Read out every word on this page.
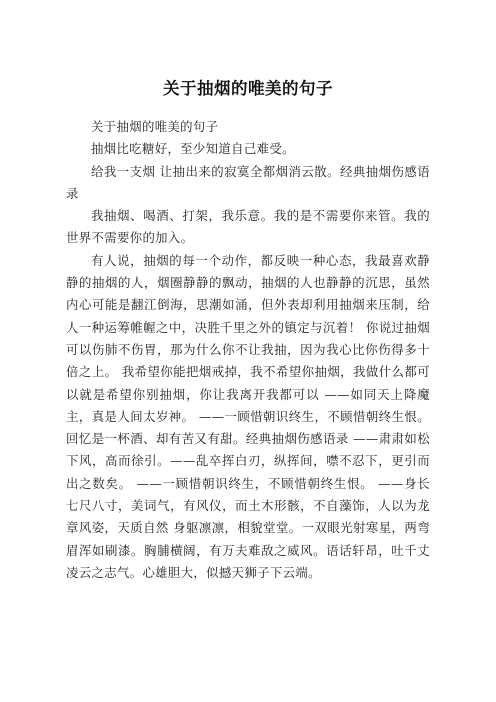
关于抽烟的唯美的句子

关于抽烟的唯美的句子

抽烟比吃糖好，至少知道自己难受。

给我一支烟 让抽出来的寂寞全都烟消云散。经典抽烟伤感语录

我抽烟、喝酒、打架，我乐意。我的是不需要你来管。我的世界不需要你的加入。

有人说，抽烟的每一个动作，都反映一种心态，我最喜欢静静的抽烟的人，烟圈静静的飘动，抽烟的人也静静的沉思，虽然内心可能是翻江倒海，思潮如涌，但外表却利用抽烟来压制，给人一种运筹帷幄之中，决胜千里之外的镇定与沉着！ 你说过抽烟可以伤肺不伤胃，那为什么你不让我抽，因为我心比你伤得多十倍之上。 我希望你能把烟戒掉，我不希望你抽烟，我做什么都可以就是希望你别抽烟，你让我离开我都可以 ——如同天上降魔主，真是人间太岁神。 ——一顾惜朝识终生，不顾惜朝终生恨。 回忆是一杯酒、却有苦又有甜。经典抽烟伤感语录 ——肃肃如松下风，高而徐引。——乱卒挥白刃，纵挥间，噤不忍下，更引而出之数矣。 ——一顾惜朝识终生，不顾惜朝终生恨。 ——身长七尺八寸，美词气，有风仪，而土木形骸，不自藻饰，人以为龙章风姿，天质自然 身躯凛凛，相貌堂堂。一双眼光射寒星，两弯眉浑如刷漆。胸脯横阔，有万夫难敌之威风。语话轩昂，吐千丈凌云之志气。心雄胆大，似撼天狮子下云端。
